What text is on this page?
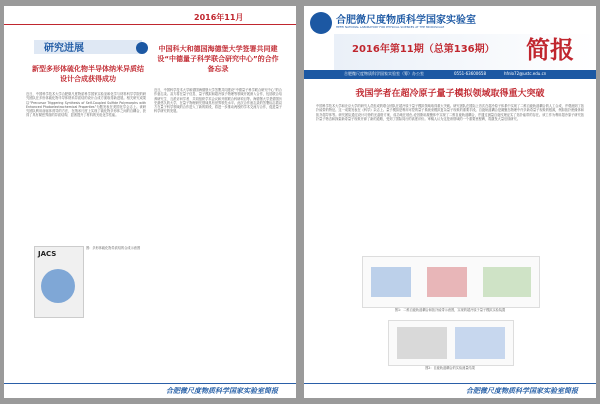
2016年11月
研究进展
新型多形体硫化物半导体纳米异质结设计合成获得成功

近日，中国科学技术大学合肥微尺度物质科学国家实验室和化学与材料科学学院的研究团队在多形体硫化物半导体纳米异质结的设计合成方面取得新进展。相关研究成果以“Precursor Triggering Synthesis of Self-Coupled Sulfide Polymorphs with Enhanced Photoelectrochemical Properties”为题发表在美国化学会志上。该研究团队利用前驱体诱导的方法，在纳米尺度上实现了硫化物多形体之间的自耦合，获得了具有紧密界面的异质结构，显著提升了材料的光电化学性能。

JACS

图：多形体硫化物异质结的合成示意图

中国科大和德国海德堡大学签署共同建设“中德量子科学联合研究中心”的合作备忘录

近日，中国科学技术大学和德国海德堡大学签署共同建设“中德量子科学联合研究中心”的合作备忘录。双方将在量子信息、量子模拟和超冷原子物理等领域开展深入合作，包括联合培养研究生、互派访问学者、共同组织学术会议和开展联合科研项目等。海德堡大学是德国历史最悠久的大学，在量子物理研究领域具有世界领先水平。此次合作备忘录的签署标志着双方在量子科学领域的合作进入了新的阶段，将进一步推动两校的学术交流与合作，促进量子科学研究的发展。

合肥微尺度物质科学国家实验室简报
合肥微尺度物质科学国家实验室
HEFEI NATIONAL LABORATORY FOR PHYSICAL SCIENCES AT THE MICROSCALE
2016年第11期（总第136期） 简报
合肥微尺度物质科学国家实验室（筹）办公室	0551-63600658	hfnlo72@ustc.edu.cn
我国学者在超冷原子量子模拟领域取得重大突破

中国科学技术大学和北京大学的研究人员组成的联合团队在超冷原子量子模拟领域取得重大突破。研究团队在国际上首次在超冷原子体系中实现了二维自旋轨道耦合的人工合成，并观测到了拓扑能带的特征。这一成果发表在《科学》杂志上。量子模拟是利用可控的量子系统来模拟复杂量子现象的重要手段。自旋轨道耦合是凝聚态物理中许多新奇量子现象的根源，例如拓扑绝缘体和拓扑超导体等。研究团队通过设计巧妙的光晶格方案，成功地在玻色-爱因斯坦凝聚体中实现了二维自旋轨道耦合，并通过测量自旋纹理证实了拓扑能带的存在。该工作为利用超冷原子研究拓扑量子物态和探索新奇量子现象开辟了新的道路，受到了国际同行的高度评价。审稿人认为这是该领域的一个重要里程碑，将激发大量后续研究。

图1：二维自旋轨道耦合和拓扑能带示意图，实现的超冷原子量子模拟实验装置

图2：自旋轨道耦合的实验测量结果

合肥微尺度物质科学国家实验室简报
